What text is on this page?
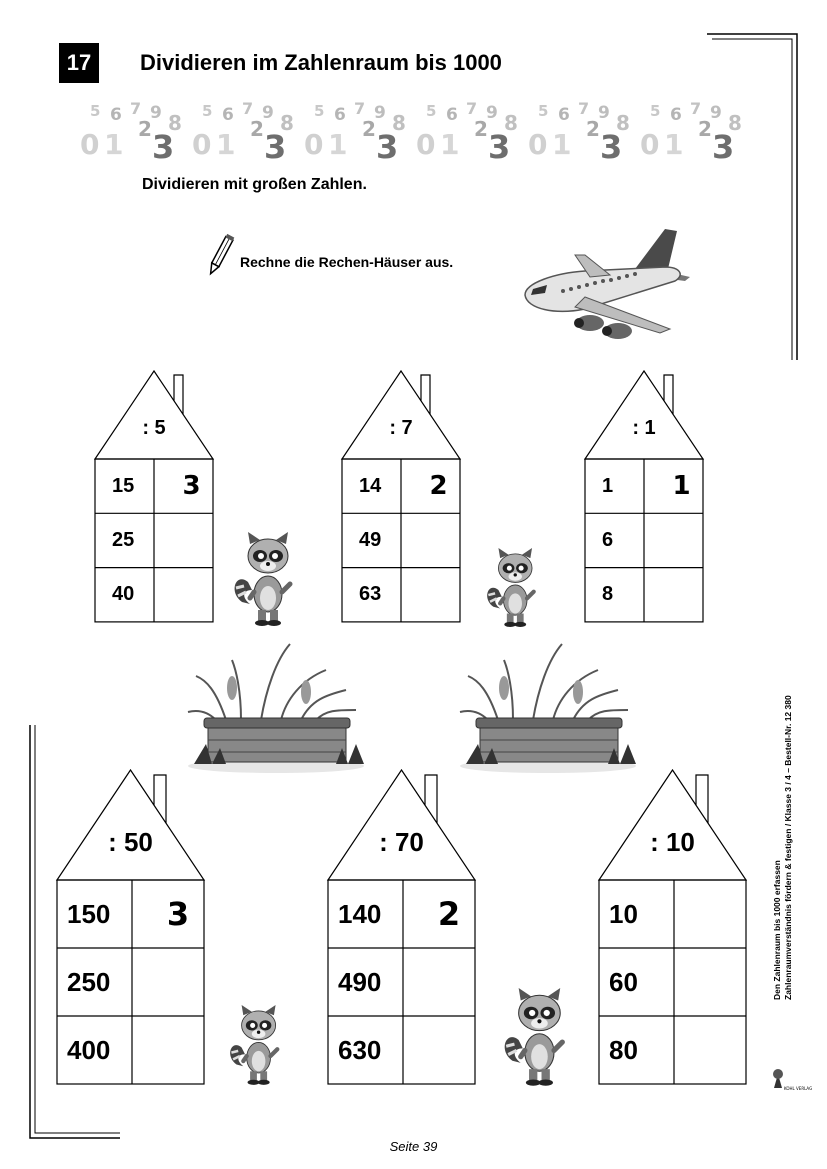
17	Dividieren im Zahlenraum bis 1000
Dividieren mit großen Zahlen.
Rechne die Rechen-Häuser aus.
: 5
15	3
25
40
: 7
14	2
49
63
: 1
1	1
6
8
: 50
150	3
250
400
: 70
140	2
490
630
: 10
10
60
80
Den Zahlenraum bis 1000 erfassen Zahlenraumverständnis fördern & festigen / Klasse 3 / 4 – Bestell-Nr. 12 380
KOHL VERLAG
Seite 39
